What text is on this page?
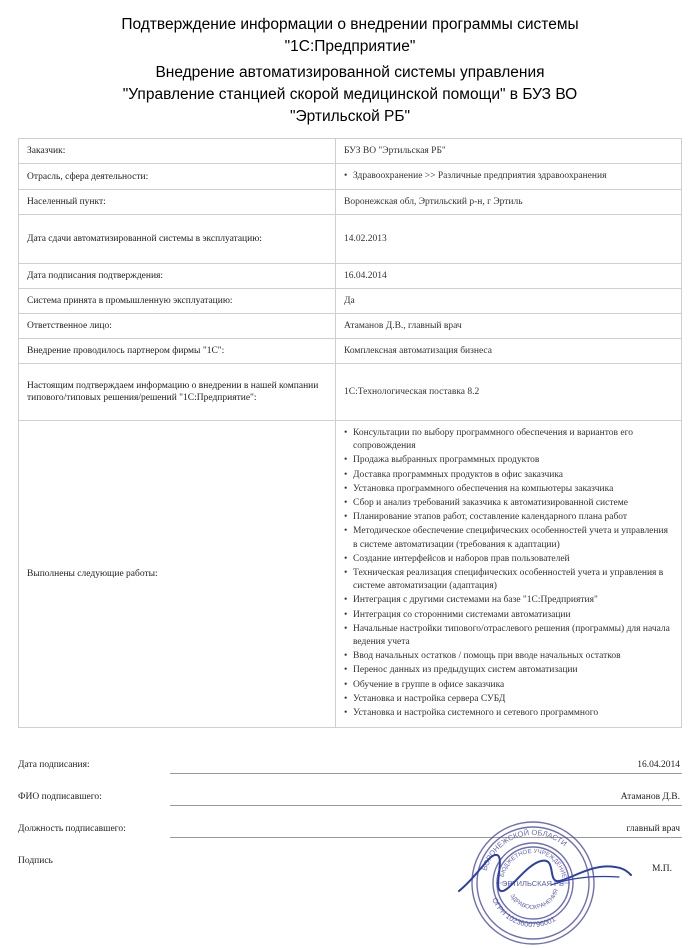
Подтверждение информации о внедрении программы системы
"1С:Предприятие"
Внедрение автоматизированной системы управления
"Управление станцией скорой медицинской помощи" в БУЗ ВО
"Эртильской РБ"
Заказчик:	БУЗ ВО "Эртильская РБ"
Отрасль, сфера деятельности:	• Здравоохранение >> Различные предприятия здравоохранения

Населенный пункт:	Воронежская обл, Эртильский р-н, г Эртиль
Дата сдачи автоматизированной системы в эксплуатацию:	14.02.2013
Дата подписания подтверждения:	16.04.2014
Система принята в промышленную эксплуатацию:	Да
Ответственное лицо:	Атаманов Д.В., главный врач
Внедрение проводилось партнером фирмы "1С":	Комплексная автоматизация бизнеса
Настоящим подтверждаем информацию о внедрении в нашей компании типового/типовых решения/решений "1С:Предприятие":	1С:Технологическая поставка 8.2
Выполнены следующие работы:	
• Консультации по выбору программного обеспечения и вариантов его сопровождения
• Продажа выбранных программных продуктов
• Доставка программных продуктов в офис заказчика
• Установка программного обеспечения на компьютеры заказчика
• Сбор и анализ требований заказчика к автоматизированной системе
• Планирование этапов работ, составление календарного плана работ
• Методическое обеспечение специфических особенностей учета и управления в системе автоматизации (требования к адаптации)
• Создание интерфейсов и наборов прав пользователей
• Техническая реализация специфических особенностей учета и управления в системе автоматизации (адаптация)
• Интеграция с другими системами на базе "1С:Предприятия"
• Интеграция со сторонними системами автоматизации
• Начальные настройки типового/отраслевого решения (программы) для начала ведения учета
• Ввод начальных остатков / помощь при вводе начальных остатков
• Перенос данных из предыдущих систем автоматизации
• Обучение в группе в офисе заказчика
• Установка и настройка сервера СУБД
• Установка и настройка системного и сетевого программного
Дата подписания:	16.04.2014
ФИО подписавшего:	Атаманов Д.В.
Должность подписавшего:	главный врач
Подпись
М.П.
ВОРОНЕЖСКОЙ ОБЛАСТИ
ОГРН 1023600796001
БЮДЖЕТНОЕ УЧРЕЖДЕНИЕ
ЗДРАВООХРАНЕНИЯ
ЭРТИЛЬСКАЯ РБ
